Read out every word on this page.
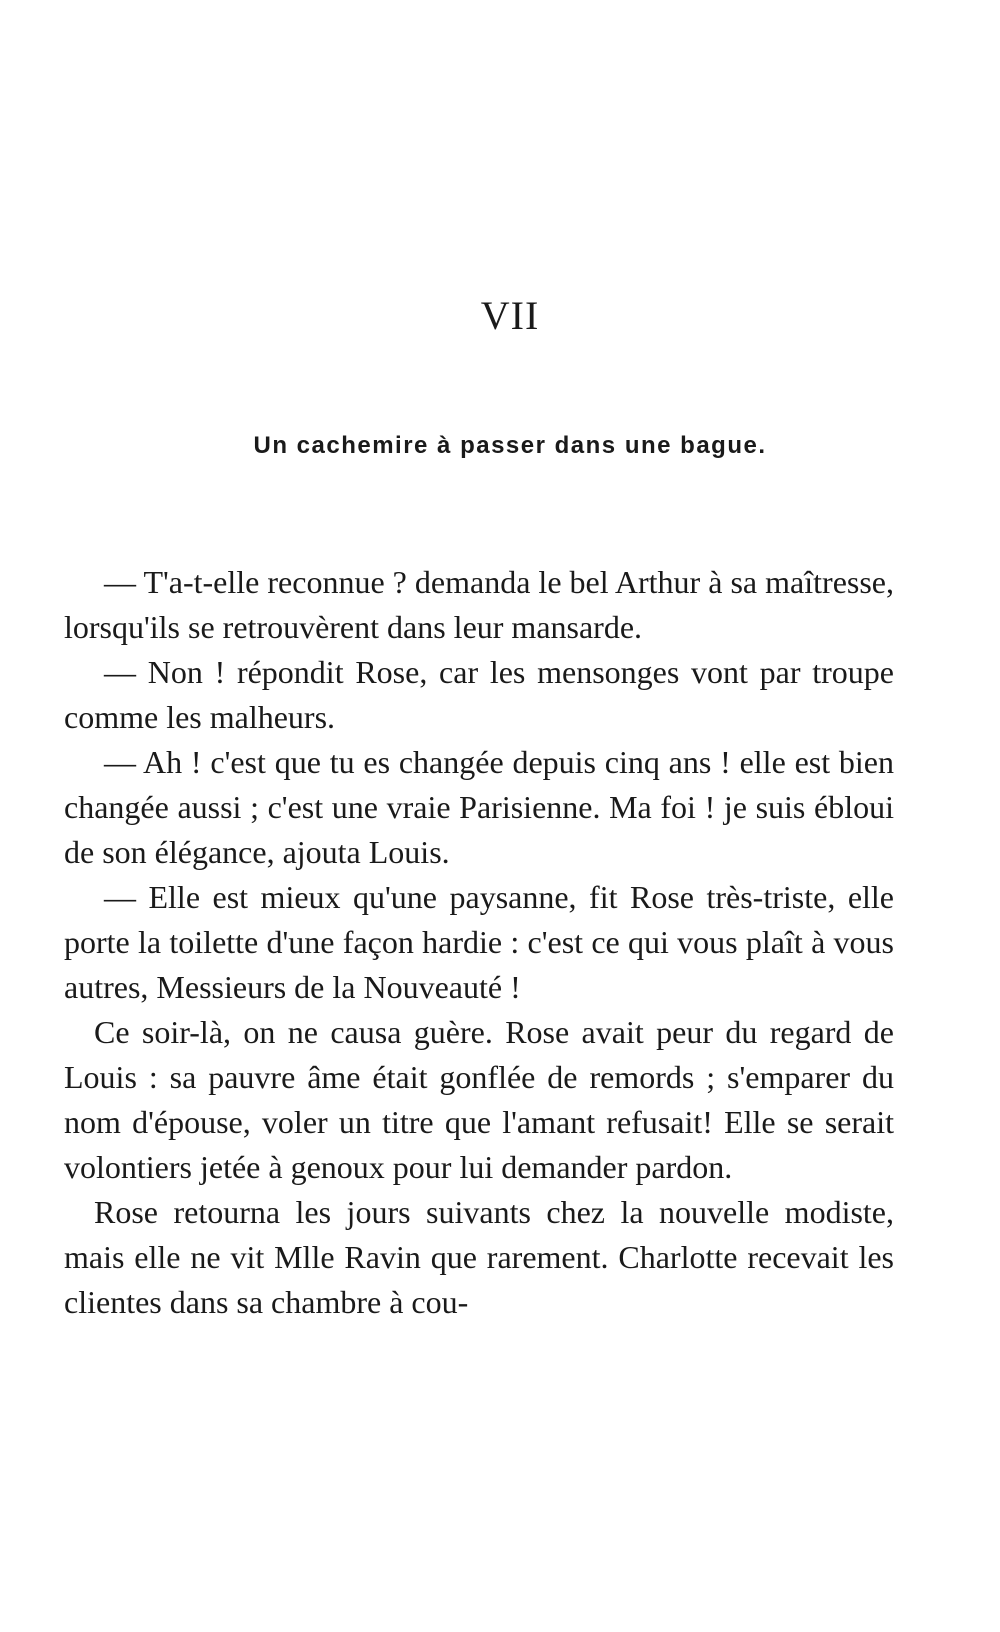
VII
Un cachemire à passer dans une bague.

— T'a-t-elle reconnue ? demanda le bel Arthur à sa maîtresse, lorsqu'ils se retrouvèrent dans leur mansarde.

— Non ! répondit Rose, car les mensonges vont par troupe comme les malheurs.

— Ah ! c'est que tu es changée depuis cinq ans ! elle est bien changée aussi ; c'est une vraie Parisienne. Ma foi ! je suis ébloui de son élégance, ajouta Louis.

— Elle est mieux qu'une paysanne, fit Rose très-triste, elle porte la toilette d'une façon hardie : c'est ce qui vous plaît à vous autres, Messieurs de la Nouveauté !

Ce soir-là, on ne causa guère. Rose avait peur du regard de Louis : sa pauvre âme était gonflée de remords ; s'emparer du nom d'épouse, voler un titre que l'amant refusait! Elle se serait volontiers jetée à genoux pour lui demander pardon.

Rose retourna les jours suivants chez la nouvelle modiste, mais elle ne vit Mlle Ravin que rarement. Charlotte recevait les clientes dans sa chambre à cou-
